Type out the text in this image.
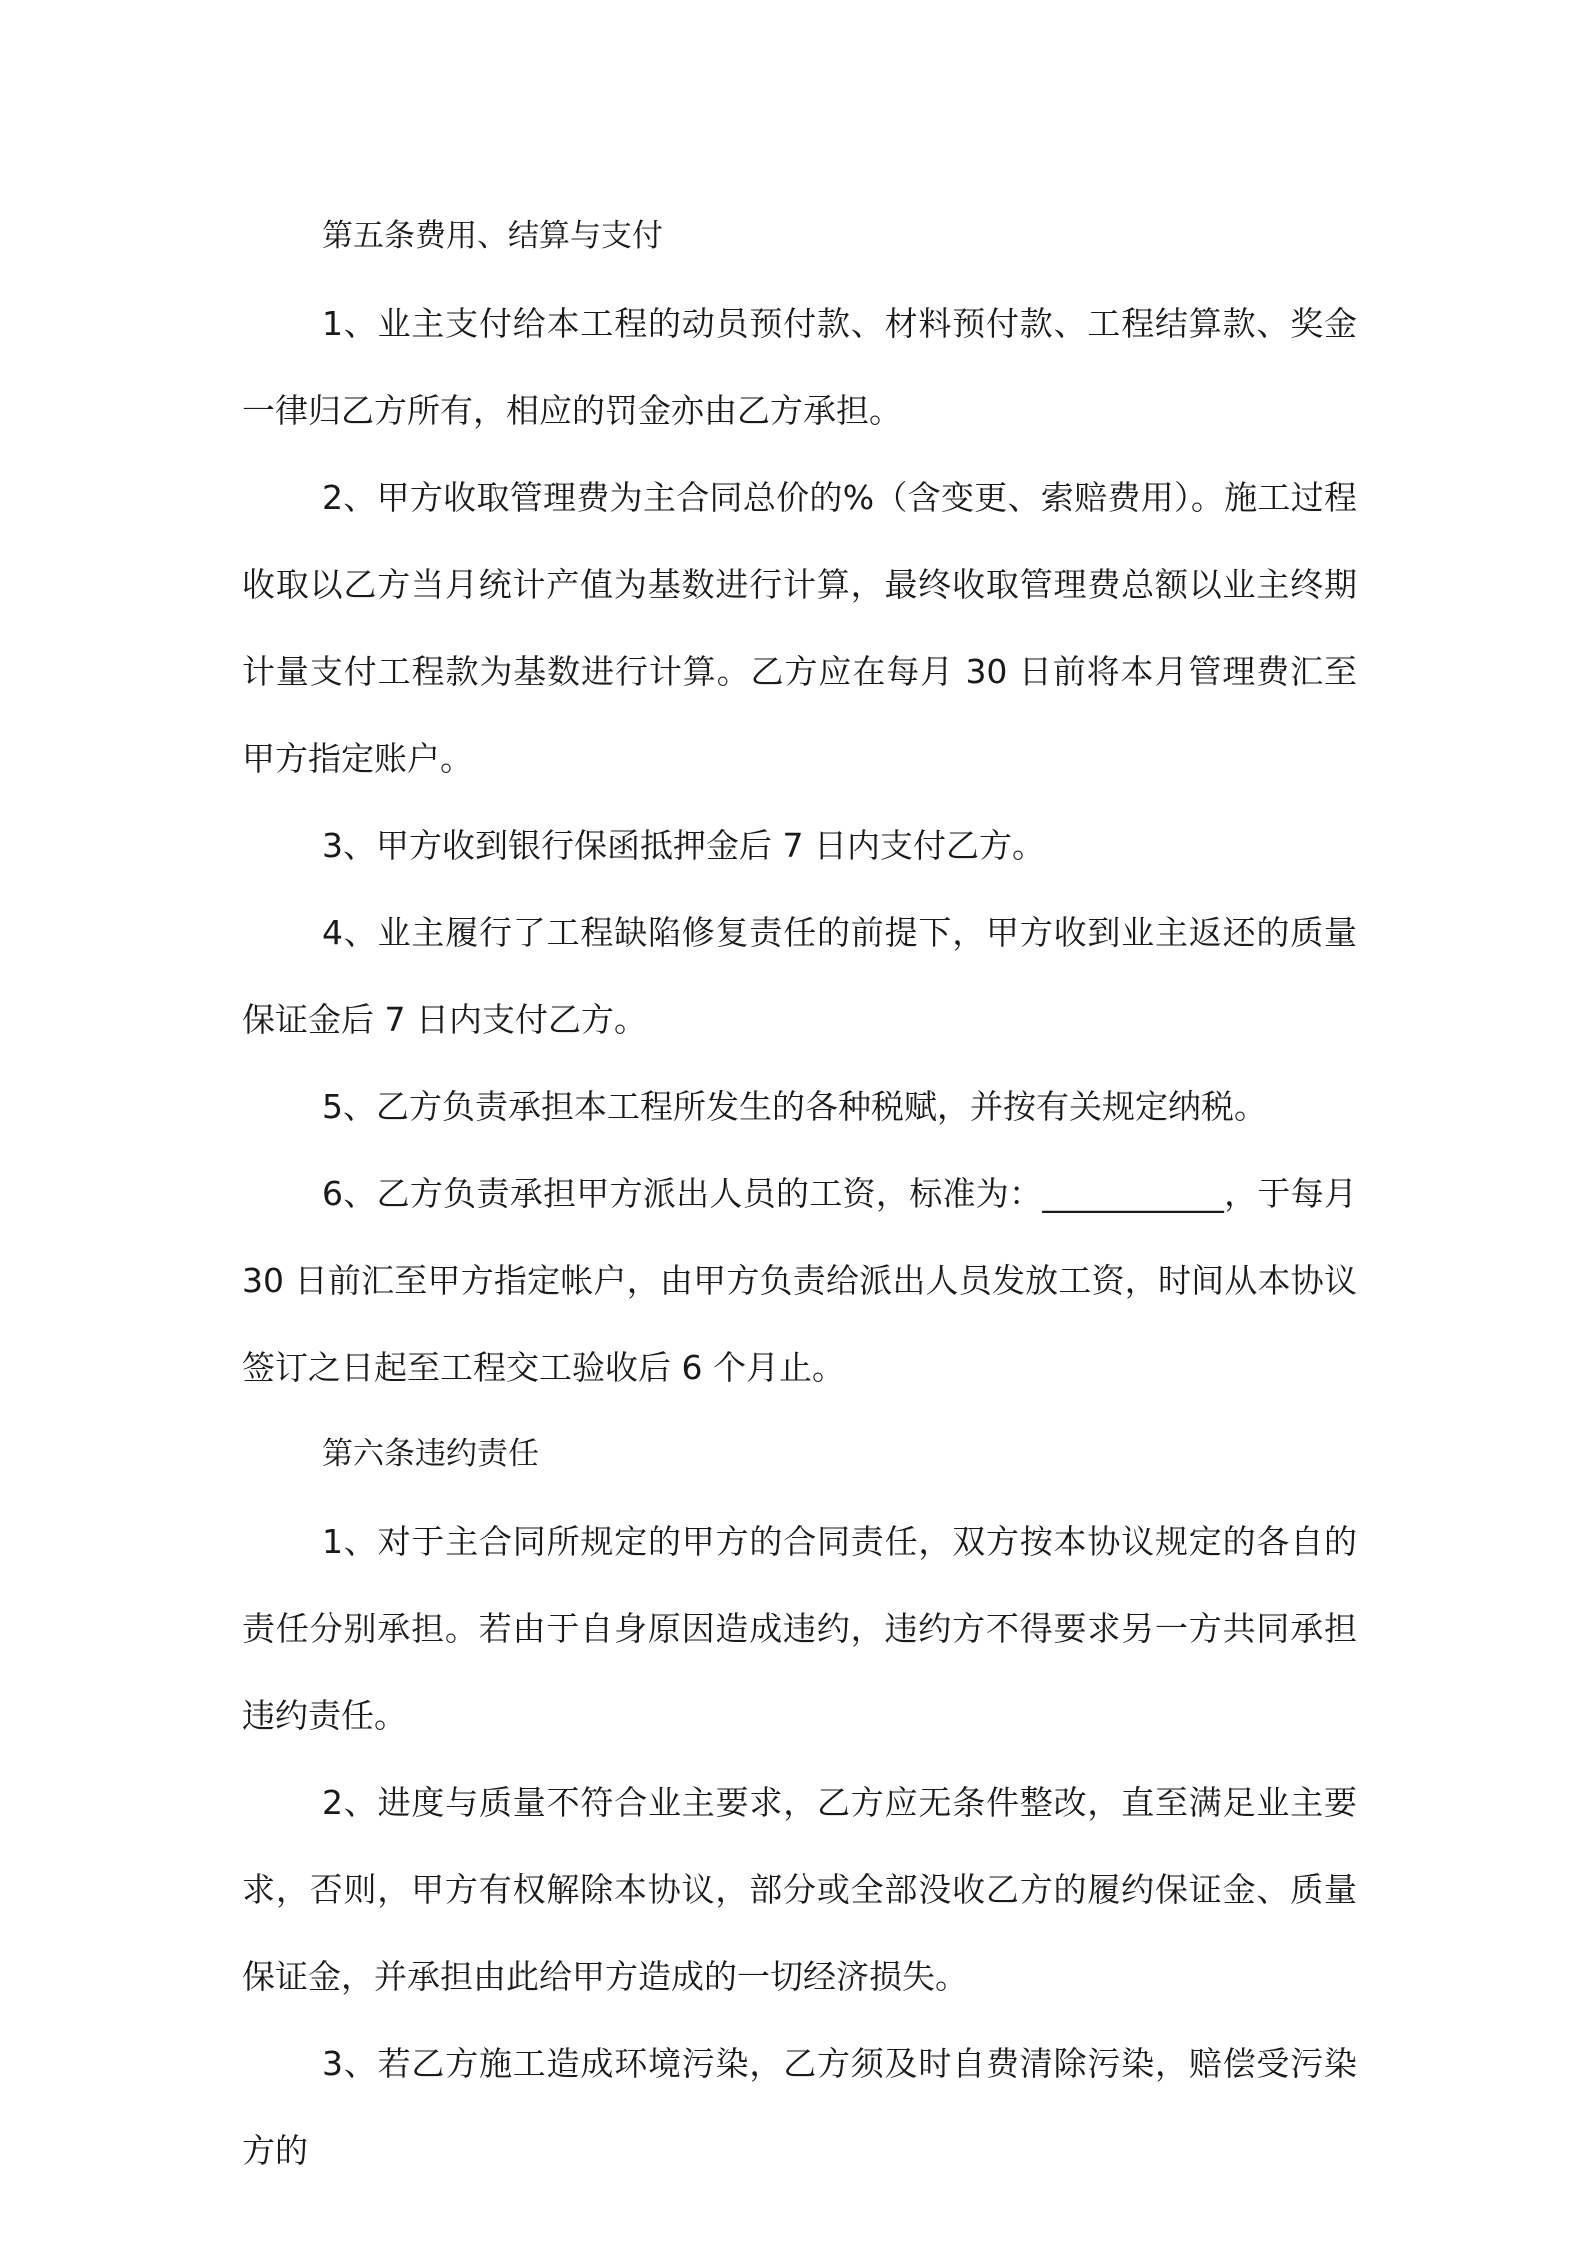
第五条费用、结算与支付

1、业主支付给本工程的动员预付款、材料预付款、工程结算款、奖金一律归乙方所有，相应的罚金亦由乙方承担。

2、甲方收取管理费为主合同总价的%（含变更、索赔费用）。施工过程收取以乙方当月统计产值为基数进行计算，最终收取管理费总额以业主终期计量支付工程款为基数进行计算。乙方应在每月 30 日前将本月管理费汇至甲方指定账户。

3、甲方收到银行保函抵押金后 7 日内支付乙方。

4、业主履行了工程缺陷修复责任的前提下，甲方收到业主返还的质量保证金后 7 日内支付乙方。

5、乙方负责承担本工程所发生的各种税赋，并按有关规定纳税。

6、乙方负责承担甲方派出人员的工资，标准为：___________，于每月 30 日前汇至甲方指定帐户，由甲方负责给派出人员发放工资，时间从本协议签订之日起至工程交工验收后 6 个月止。

第六条违约责任

1、对于主合同所规定的甲方的合同责任，双方按本协议规定的各自的责任分别承担。若由于自身原因造成违约，违约方不得要求另一方共同承担违约责任。

2、进度与质量不符合业主要求，乙方应无条件整改，直至满足业主要求，否则，甲方有权解除本协议，部分或全部没收乙方的履约保证金、质量保证金，并承担由此给甲方造成的一切经济损失。

3、若乙方施工造成环境污染，乙方须及时自费清除污染，赔偿受污染方的
